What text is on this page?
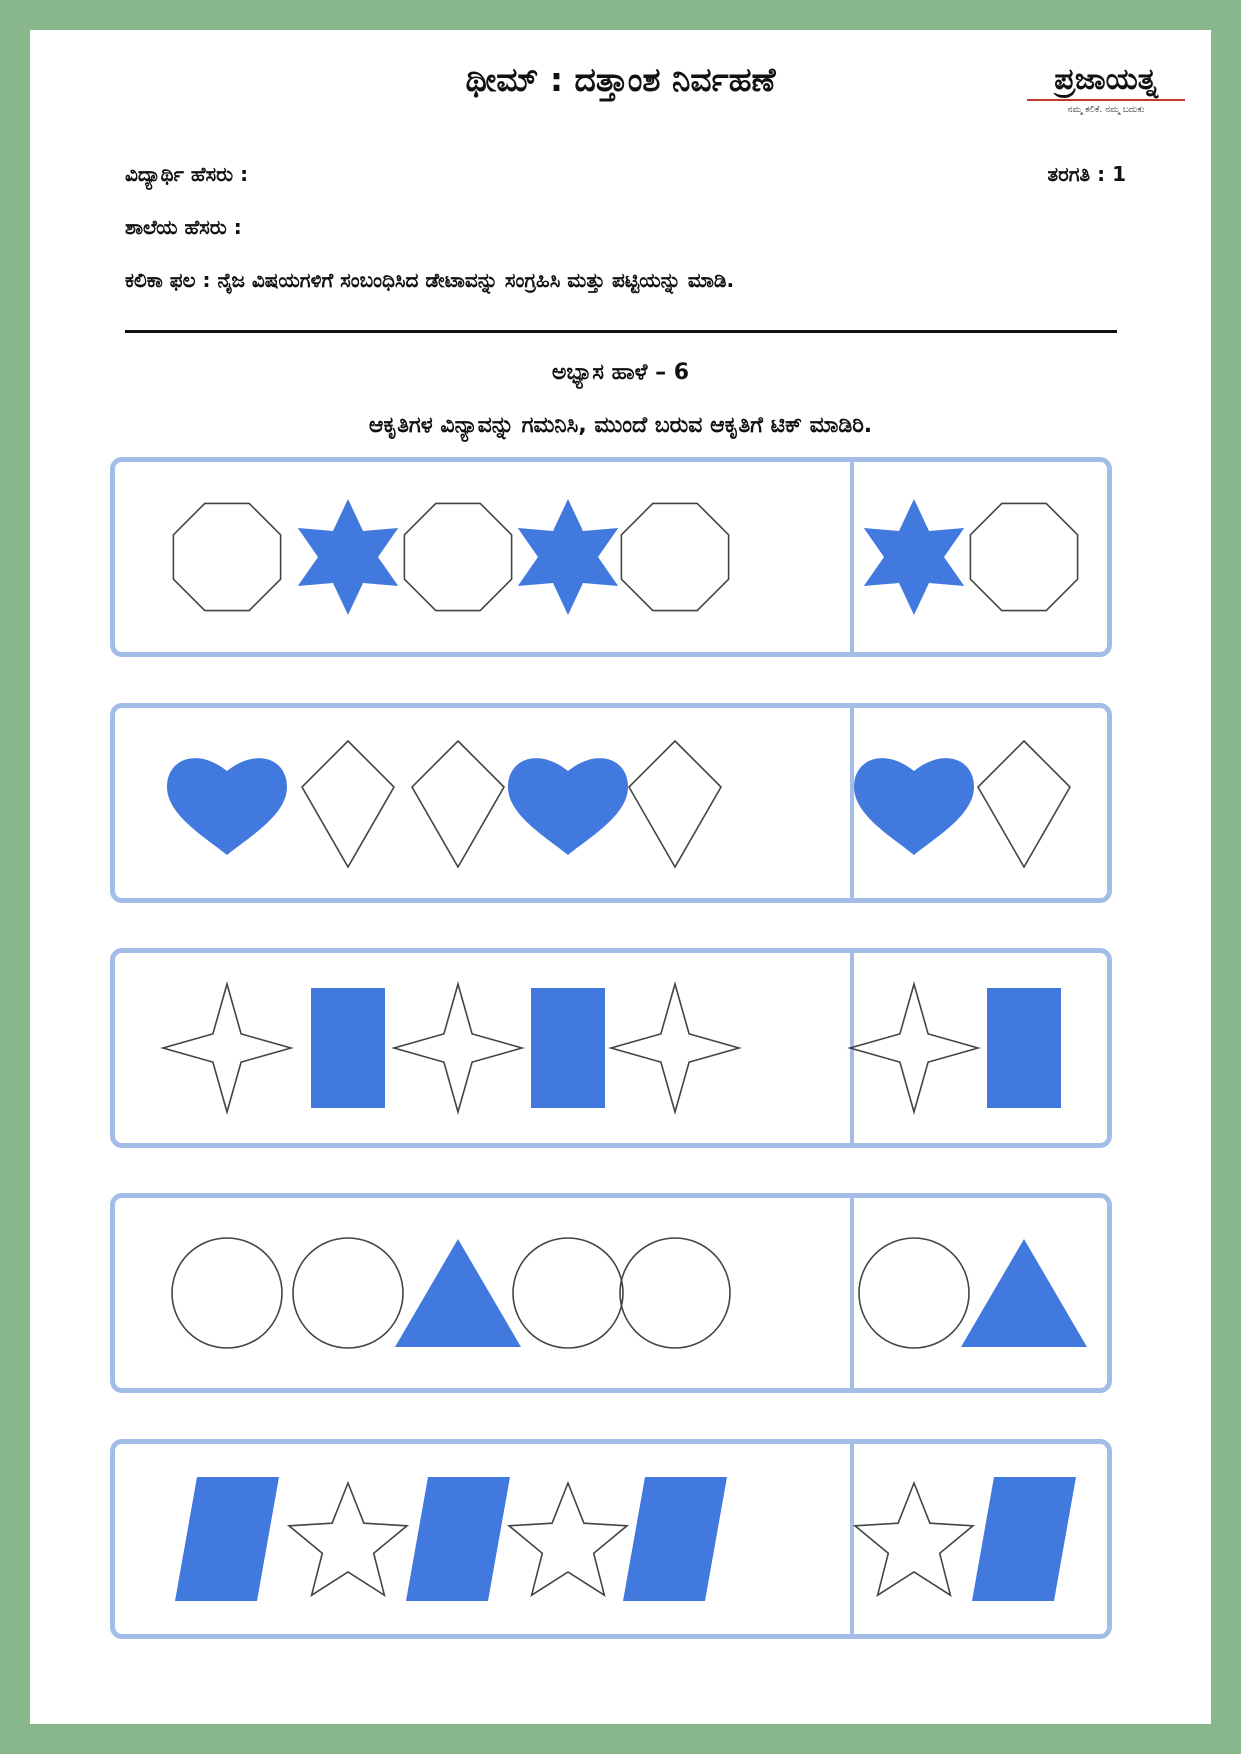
ಥೀಮ್ : ದತ್ತಾಂಶ ನಿರ್ವಹಣೆ	ಪ್ರಜಾಯತ್ನ
ನಮ್ಮ ಕಲಿಕೆ. ನಮ್ಮ ಬದುಕು
ವಿದ್ಯಾರ್ಥಿ ಹೆಸರು :	ತರಗತಿ : 1
ಶಾಲೆಯ ಹೆಸರು :
ಕಲಿಕಾ ಫಲ : ನೈಜ ವಿಷಯಗಳಿಗೆ ಸಂಬಂಧಿಸಿದ ಡೇಟಾವನ್ನು ಸಂಗ್ರಹಿಸಿ ಮತ್ತು ಪಟ್ಟಿಯನ್ನು ಮಾಡಿ.
ಅಭ್ಯಾಸ ಹಾಳೆ – 6
ಆಕೃತಿಗಳ ವಿನ್ಯಾವನ್ನು ಗಮನಿಸಿ, ಮುಂದೆ ಬರುವ ಆಕೃತಿಗೆ ಟಿಕ್ ಮಾಡಿರಿ.
